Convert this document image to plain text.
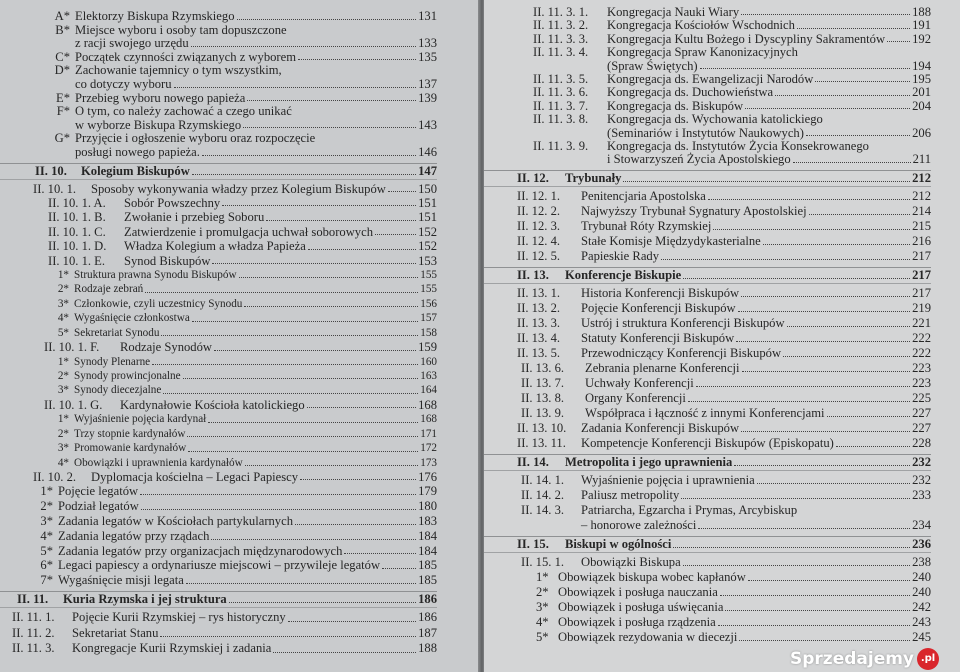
A* Elektorzy Biskupa Rzymskiego	131
B* Miejsce wyboru i osoby tam dopuszczone
z racji swojego urzędu	133
C* Początek czynności związanych z wyborem	135
D* Zachowanie tajemnicy o tym wszystkim,
co dotyczy wyboru	137
E* Przebieg wyboru nowego papieża	139
F* O tym, co należy zachować a czego unikać
w wyborze Biskupa Rzymskiego	143
G* Przyjęcie i ogłoszenie wyboru oraz rozpoczęcie
posługi nowego papieża.	146
II. 10.	Kolegium Biskupów	147
II. 10. 1.	Sposoby wykonywania władzy przez Kolegium Biskupów	150
II. 10. 1. A.	Sobór Powszechny	151
II. 10. 1. B.	Zwołanie i przebieg Soboru	151
II. 10. 1. C.	Zatwierdzenie i promulgacja uchwał soborowych	152
II. 10. 1. D.	Władza Kolegium a władza Papieża	152
II. 10. 1. E.	Synod Biskupów	153
1* Struktura prawna Synodu Biskupów	155
2* Rodzaje zebrań	155
3* Członkowie, czyli uczestnicy Synodu	156
4* Wygaśnięcie członkostwa	157
5* Sekretariat Synodu	158
II. 10. 1. F.	Rodzaje Synodów	159
1* Synody Plenarne	160
2* Synody prowincjonalne	163
3* Synody diecezjalne	164
II. 10. 1. G.	Kardynałowie Kościoła katolickiego	168
1* Wyjaśnienie pojęcia kardynał	168
2* Trzy stopnie kardynałów	171
3* Promowanie kardynałów	172
4* Obowiązki i uprawnienia kardynałów	173
II. 10. 2.	Dyplomacja kościelna – Legaci Papiescy	176
1* Pojęcie legatów	179
2* Podział legatów	180
3* Zadania legatów w Kościołach partykularnych	183
4* Zadania legatów przy rządach	184
5* Zadania legatów przy organizacjach międzynarodowych	184
6* Legaci papiescy a ordynariusze miejscowi – przywileje legatów	185
7* Wygaśnięcie misji legata	185
II. 11.	Kuria Rzymska i jej struktura	186
II. 11. 1.	Pojęcie Kurii Rzymskiej – rys historyczny	186
II. 11. 2.	Sekretariat Stanu	187
II. 11. 3.	Kongregacje Kurii Rzymskiej i zadania	188
II. 11. 3. 1.	Kongregacja Nauki Wiary	188
II. 11. 3. 2.	Kongregacja Kościołów Wschodnich	191
II. 11. 3. 3.	Kongregacja Kultu Bożego i Dyscypliny Sakramentów 192
II. 11. 3. 4.	Kongregacja Spraw Kanonizacyjnych
(Spraw Świętych)	194
II. 11. 3. 5.	Kongregacja ds. Ewangelizacji Narodów	195
II. 11. 3. 6.	Kongregacja ds. Duchowieństwa	201
II. 11. 3. 7.	Kongregacja ds. Biskupów	204
II. 11. 3. 8.	Kongregacja ds. Wychowania katolickiego
(Seminariów i Instytutów Naukowych)	206
II. 11. 3. 9.	Kongregacja ds. Instytutów Życia Konsekrowanego
i Stowarzyszeń Życia Apostolskiego	211
II. 12.	Trybunały	212
II. 12. 1.	Penitencjaria Apostolska	212
II. 12. 2.	Najwyższy Trybunał Sygnatury Apostolskiej	214
II. 12. 3.	Trybunał Róty Rzymskiej	215
II. 12. 4.	Stałe Komisje Międzydykasterialne	216
II. 12. 5.	Papieskie Rady	217
II. 13.	Konferencje Biskupie	217
II. 13. 1.	Historia Konferencji Biskupów	217
II. 13. 2.	Pojęcie Konferencji Biskupów	219
II. 13. 3.	Ustrój i struktura Konferencji Biskupów	221
II. 13. 4.	Statuty Konferencji Biskupów	222
II. 13. 5.	Przewodniczący Konferencji Biskupów	222
II. 13. 6.	Zebrania plenarne Konferencji	223
II. 13. 7.	Uchwały Konferencji	223
II. 13. 8.	Organy Konferencji	225
II. 13. 9.	Współpraca i łączność z innymi Konferencjami	227
II. 13. 10.	Zadania Konferencji Biskupów	227
II. 13. 11.	Kompetencje Konferencji Biskupów (Episkopatu)	228
II. 14.	Metropolita i jego uprawnienia	232
II. 14. 1.	Wyjaśnienie pojęcia i uprawnienia	232
II. 14. 2.	Paliusz metropolity	233
II. 14. 3.	Patriarcha, Egzarcha i Prymas, Arcybiskup
– honorowe zależności	234
II. 15.	Biskupi w ogólności	236
II. 15. 1.	Obowiązki Biskupa	238
1* Obowiązek biskupa wobec kapłanów	240
2* Obowiązek i posługa nauczania	240
3* Obowiązek i posługa uświęcania	242
4* Obowiązek i posługa rządzenia	243
5* Obowiązek rezydowania w diecezji	245
Sprzedajemy .pl
